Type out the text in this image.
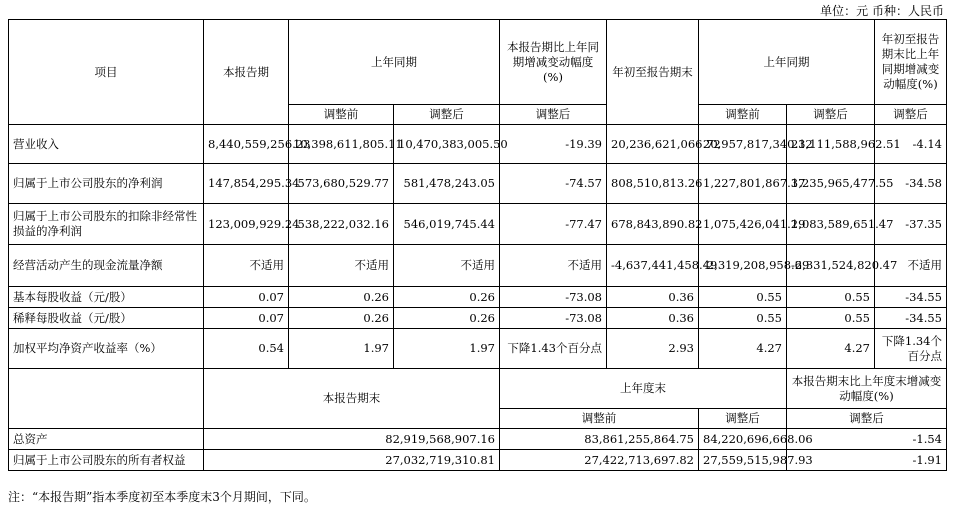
单位：元 币种：人民币
项目	本报告期	上年同期		本报告期比上年同期增减变动幅度(%)	年初至报告期末	上年同期		年初至报告期末比上年同期增减变动幅度(%)
		调整前	调整后	调整后		调整前	调整后	调整后
营业收入	8,440,559,256.23	10,398,611,805.11	10,470,383,005.50	-19.39	20,236,621,066.72	20,957,817,340.32	21,111,588,962.51	-4.14
归属于上市公司股东的净利润	147,854,295.34	573,680,529.77	581,478,243.05	-74.57	808,510,813.26	1,227,801,867.37	1,235,965,477.55	-34.58
归属于上市公司股东的扣除非经常性损益的净利润	123,009,929.24	538,222,032.16	546,019,745.44	-77.47	678,843,890.82	1,075,426,041.29	1,083,589,651.47	-37.35
经营活动产生的现金流量净额	不适用	不适用	不适用	不适用	-4,637,441,458.49	-2,319,208,958.69	-2,331,524,820.47	不适用
基本每股收益（元/股）	0.07	0.26	0.26	-73.08	0.36	0.55	0.55	-34.55
稀释每股收益（元/股）	0.07	0.26	0.26	-73.08	0.36	0.55	0.55	-34.55
加权平均净资产收益率（%）	0.54	1.97	1.97	下降1.43个百分点	2.93	4.27	4.27	下降1.34个百分点
	本报告期末			上年度末			本报告期末比上年度末增减变动幅度(%)	
				调整前		调整后	调整后	
总资产	82,919,568,907.16			83,861,255,864.75		84,220,696,668.06	-1.54	
归属于上市公司股东的所有者权益	27,032,719,310.81			27,422,713,697.82		27,559,515,987.93	-1.91	
注：“本报告期”指本季度初至本季度末3个月期间，下同。
